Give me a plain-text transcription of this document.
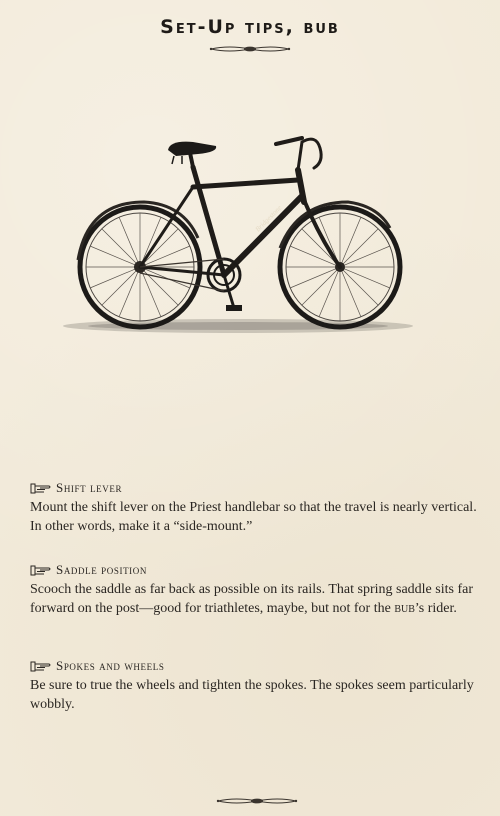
Set-Up tips, bub
Bridgestone
Shift lever
Mount the shift lever on the Priest handlebar so that the travel is nearly vertical. In other words, make it a “side-mount.”
Saddle position
Scooch the saddle as far back as possible on its rails. That spring saddle sits far forward on the post—good for triathletes, maybe, but not for the bub’s rider.
Spokes and wheels
Be sure to true the wheels and tighten the spokes. The spokes seem particularly wobbly.
